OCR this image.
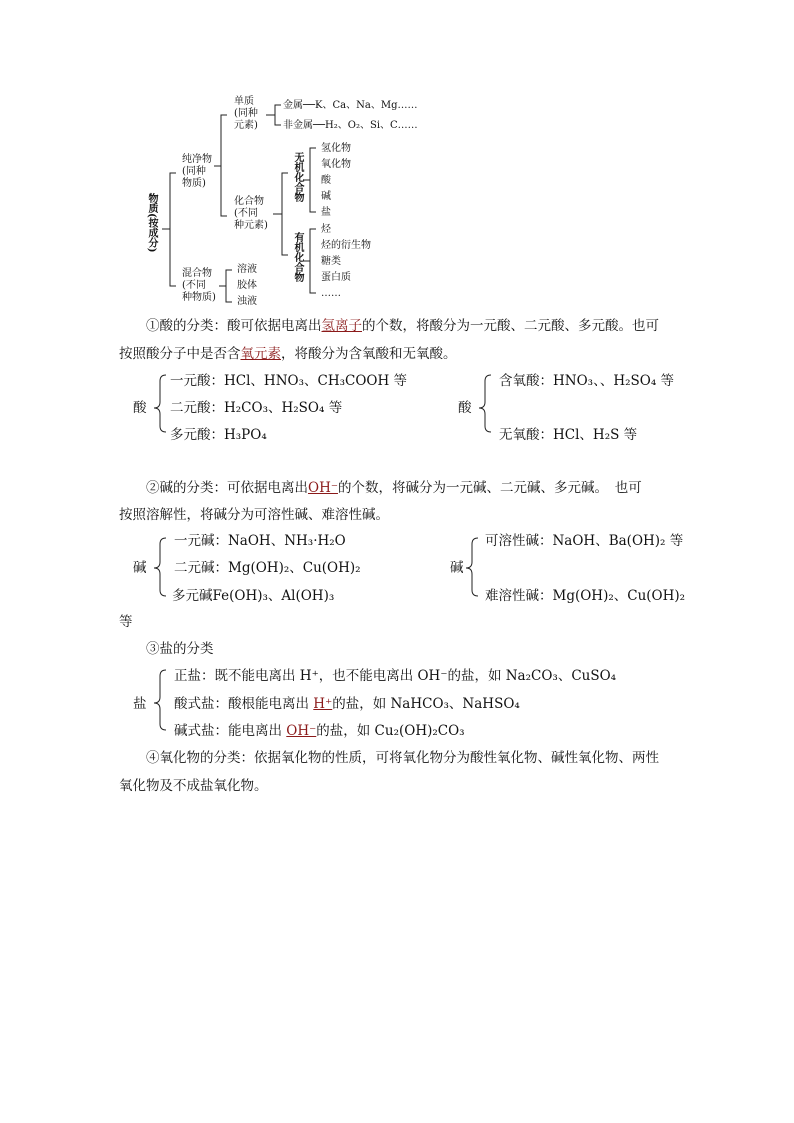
物质(按成分)
纯净物
(同种
物质)
单质
(同种
元素)
金属──K、Ca、Na、Mg……
非金属──H₂、O₂、Si、C……
化合物
(不同
种元素)
无机化合物
有机化合物
氢化物
氧化物
酸
碱
盐
烃
烃的衍生物
糖类
蛋白质
……
混合物
(不同
种物质)
溶液
胶体
浊液
①酸的分类：酸可依据电离出氢离子的个数，将酸分为一元酸、二元酸、多元酸。也可
按照酸分子中是否含氧元素，将酸分为含氧酸和无氧酸。
酸
一元酸：HCl、HNO₃、CH₃COOH 等
二元酸：H₂CO₃、H₂SO₄ 等
多元酸：H₃PO₄
酸
含氧酸：HNO₃、、H₂SO₄ 等
无氧酸：HCl、H₂S 等
②碱的分类：可依据电离出OH⁻的个数，将碱分为一元碱、二元碱、多元碱。　也可
按照溶解性，将碱分为可溶性碱、难溶性碱。
碱
一元碱：NaOH、NH₃·H₂O
二元碱：Mg(OH)₂、Cu(OH)₂
多元碱Fe(OH)₃、Al(OH)₃
碱
可溶性碱：NaOH、Ba(OH)₂ 等
难溶性碱：Mg(OH)₂、Cu(OH)₂
等
③盐的分类
盐
正盐：既不能电离出 H⁺，也不能电离出 OH⁻的盐，如 Na₂CO₃、CuSO₄
酸式盐：酸根能电离出 H⁺的盐，如 NaHCO₃、NaHSO₄
碱式盐：能电离出 OH⁻的盐，如 Cu₂(OH)₂CO₃
④氧化物的分类：依据氧化物的性质，可将氧化物分为酸性氧化物、碱性氧化物、两性
氧化物及不成盐氧化物。
